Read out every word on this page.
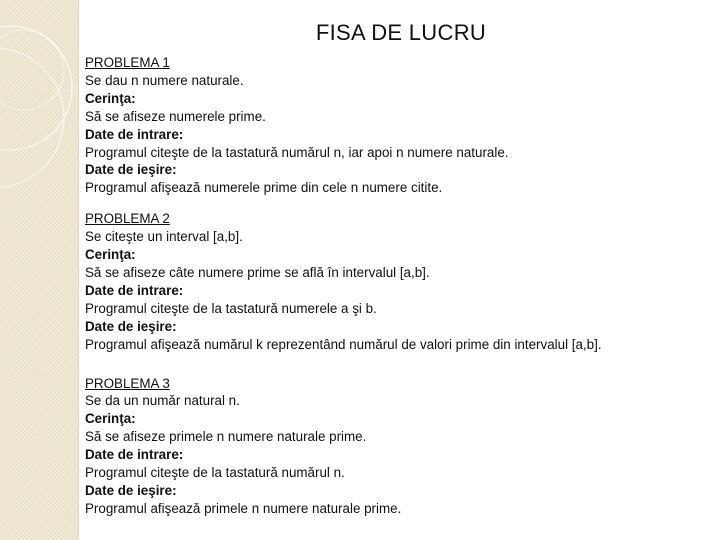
FISA DE LUCRU
PROBLEMA 1
Se dau n numere naturale.
Cerinţa:
Să se afiseze numerele prime.
Date de intrare:
Programul citeşte de la tastatură numărul n, iar apoi n numere naturale.
Date de ieşire:
Programul afişează numerele prime din cele n numere citite.
PROBLEMA 2
Se citeşte un interval [a,b].
Cerinţa:
Să se afiseze câte numere prime se află în intervalul [a,b].
Date de intrare:
Programul citeşte de la tastatură numerele a şi b.
Date de ieşire:
Programul afişează numărul k reprezentând numărul de valori prime din intervalul [a,b].
PROBLEMA 3
Se da un număr natural n.
Cerinţa:
Să se afiseze primele n numere naturale prime.
Date de intrare:
Programul citeşte de la tastatură numărul n.
Date de ieşire:
Programul afişează primele n numere naturale prime.
